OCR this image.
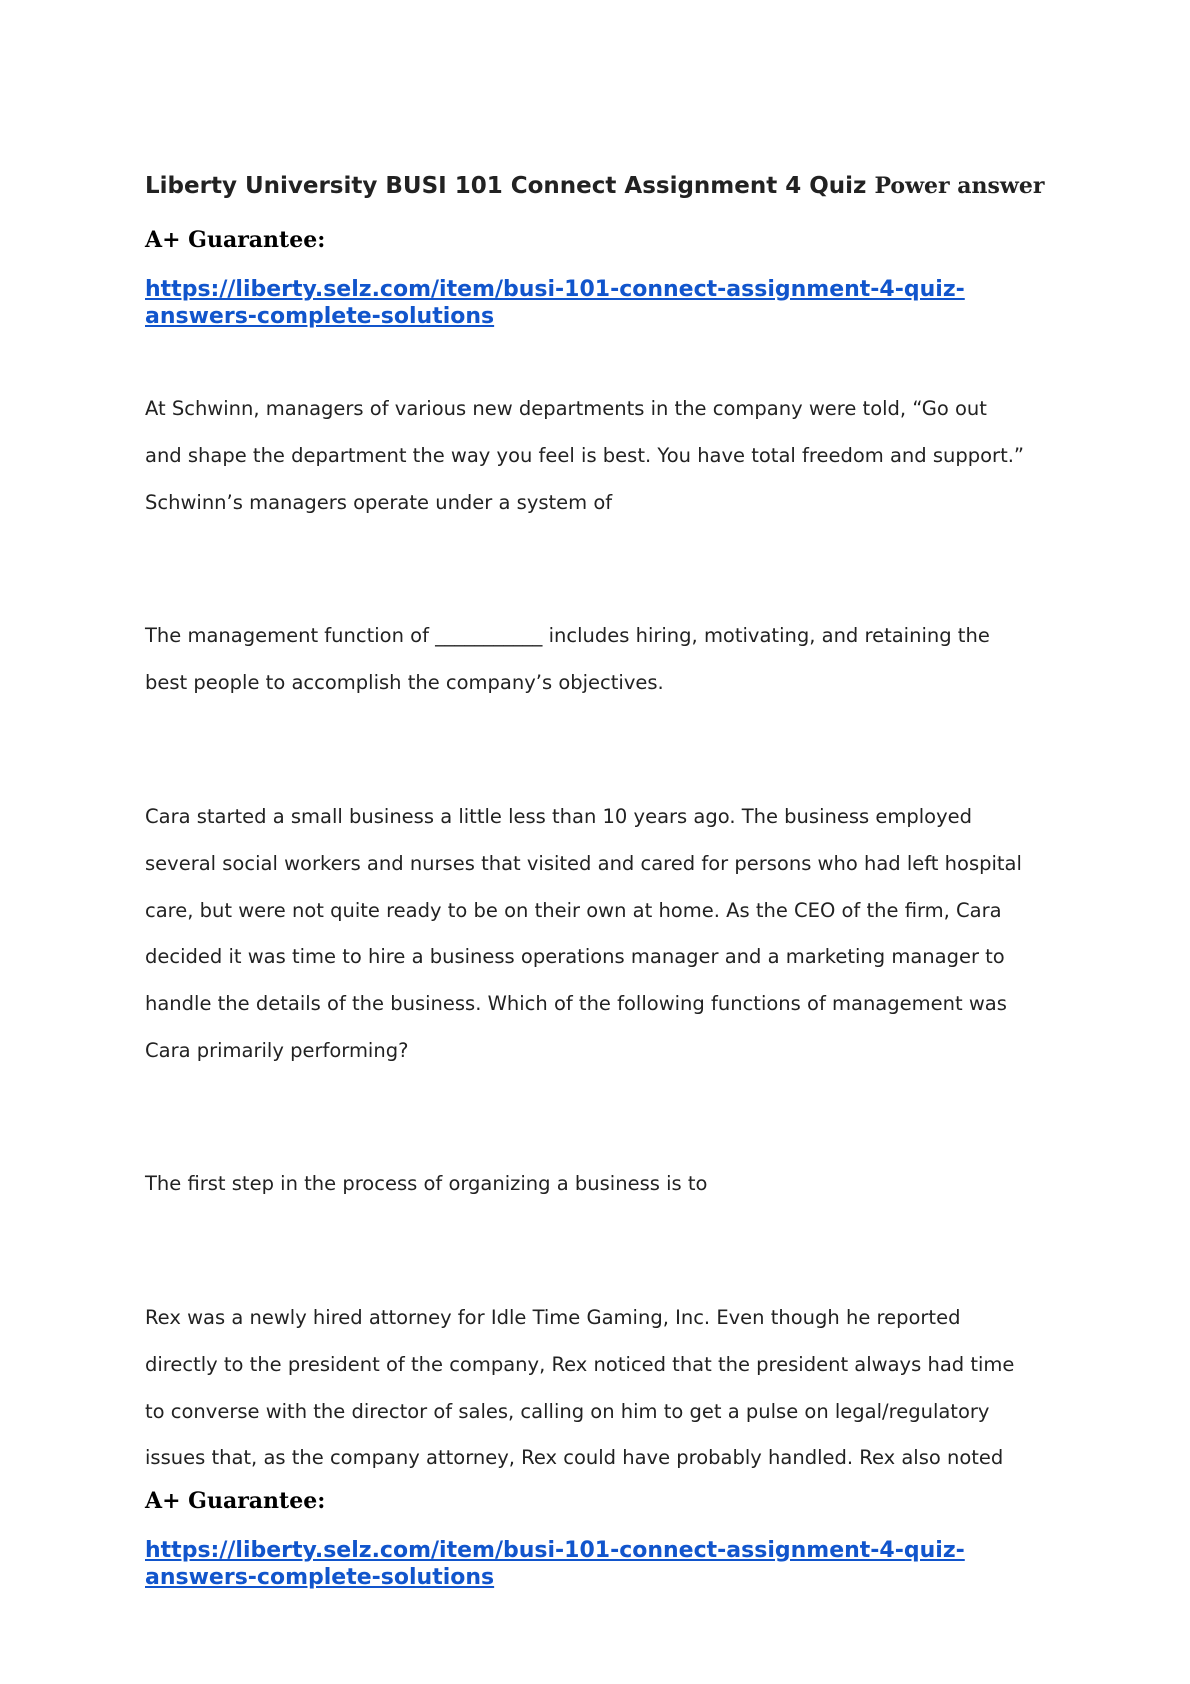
Liberty University BUSI 101 Connect Assignment 4 Quiz Power answer
A+ Guarantee:
https://liberty.selz.com/item/busi-101-connect-assignment-4-quiz-
answers-complete-solutions
At Schwinn, managers of various new departments in the company were told, “Go out
and shape the department the way you feel is best. You have total freedom and support.”
Schwinn’s managers operate under a system of
The management function of ___________ includes hiring, motivating, and retaining the
best people to accomplish the company’s objectives.
Cara started a small business a little less than 10 years ago. The business employed
several social workers and nurses that visited and cared for persons who had left hospital
care, but were not quite ready to be on their own at home. As the CEO of the firm, Cara
decided it was time to hire a business operations manager and a marketing manager to
handle the details of the business. Which of the following functions of management was
Cara primarily performing?
The first step in the process of organizing a business is to
Rex was a newly hired attorney for Idle Time Gaming, Inc. Even though he reported
directly to the president of the company, Rex noticed that the president always had time
to converse with the director of sales, calling on him to get a pulse on legal/regulatory
issues that, as the company attorney, Rex could have probably handled. Rex also noted
A+ Guarantee:
https://liberty.selz.com/item/busi-101-connect-assignment-4-quiz-
answers-complete-solutions
